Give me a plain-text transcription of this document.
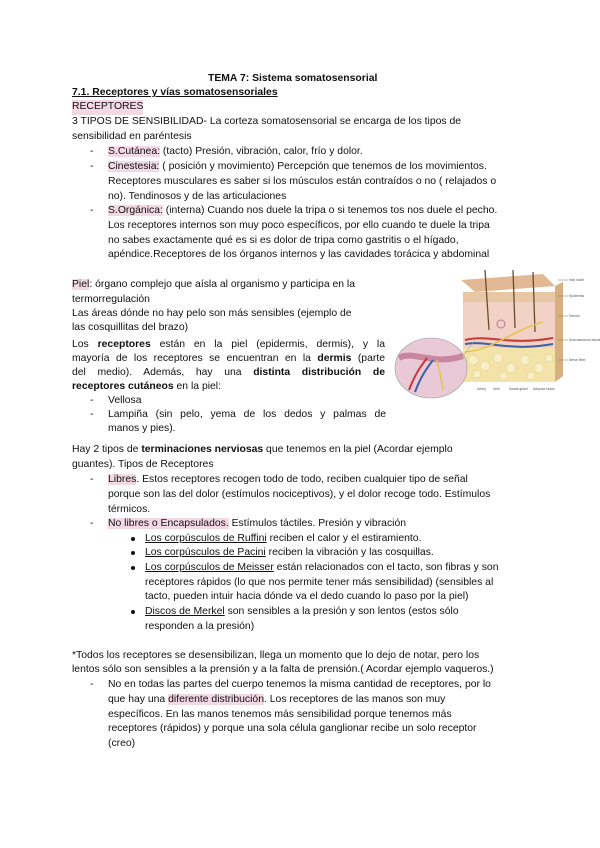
TEMA 7: Sistema somatosensorial
7.1. Receptores y vías somatosensoriales
RECEPTORES
3 TIPOS DE SENSIBILIDAD- La corteza somatosensorial se encarga de los tipos de
sensibilidad en paréntesis
- S.Cutánea: (tacto) Presión, vibración, calor, frío y dolor.
- Cinestesia: ( posición y movimiento) Percepción que tenemos de los movimientos.
Receptores musculares es saber si los músculos están contraídos o no ( relajados o
no). Tendinosos y de las articulaciones
- S.Orgánica: (interna) Cuando nos duele la tripa o si tenemos tos nos duele el pecho.
Los receptores internos son muy poco específicos, por ello cuando te duele la tripa
no sabes exactamente qué es si es dolor de tripa como gastritis o el hígado,
apéndice.Receptores de los órganos internos y las cavidades torácica y abdominal
Piel: órgano complejo que aísla al organismo y participa en la
termorregulación
Las áreas dónde no hay pelo son más sensibles (ejemplo de
las cosquillitas del brazo)
Los receptores están en la piel (epidermis, dermis), y la
mayoría de los receptores se encuentran en la dermis (parte
del medio). Además, hay una distinta distribución de
receptores cutáneos en la piel:
- Vellosa
- Lampiña (sin pelo, yema de los dedos y palmas de
manos y pies).
Hair shaft
Epidermis
Dermis
Subcutaneous tissue
Nerve fiber
Artery Vein	Sweat gland Adipose tissue
Hay 2 tipos de terminaciones nerviosas que tenemos en la piel (Acordar ejemplo
guantes). Tipos de Receptores
- Libres. Estos receptores recogen todo de todo, reciben cualquier tipo de señal
porque son las del dolor (estímulos nociceptivos), y el dolor recoge todo. Estímulos
térmicos.
- No libres o Encapsulados. Estímulos táctiles. Presión y vibración
Los corpúsculos de Ruffini reciben el calor y el estiramiento.
Los corpúsculos de Pacini reciben la vibración y las cosquillas.
Los corpúsculos de Meisser están relacionados con el tacto, son fibras y son
receptores rápidos (lo que nos permite tener más sensibilidad) (sensibles al
tacto, pueden intuir hacia dónde va el dedo cuando lo paso por la piel)
Discos de Merkel son sensibles a la presión y son lentos (estos sólo
responden a la presión)
*Todos los receptores se desensibilizan, llega un momento que lo dejo de notar, pero los
lentos sólo son sensibles a la prensión y a la falta de prensión.( Acordar ejemplo vaqueros.)
- No en todas las partes del cuerpo tenemos la misma cantidad de receptores, por lo
que hay una diferente distribución. Los receptores de las manos son muy
específicos. En las manos tenemos más sensibilidad porque tenemos más
receptores (rápidos) y porque una sola célula ganglionar recibe un solo receptor
(creo)
